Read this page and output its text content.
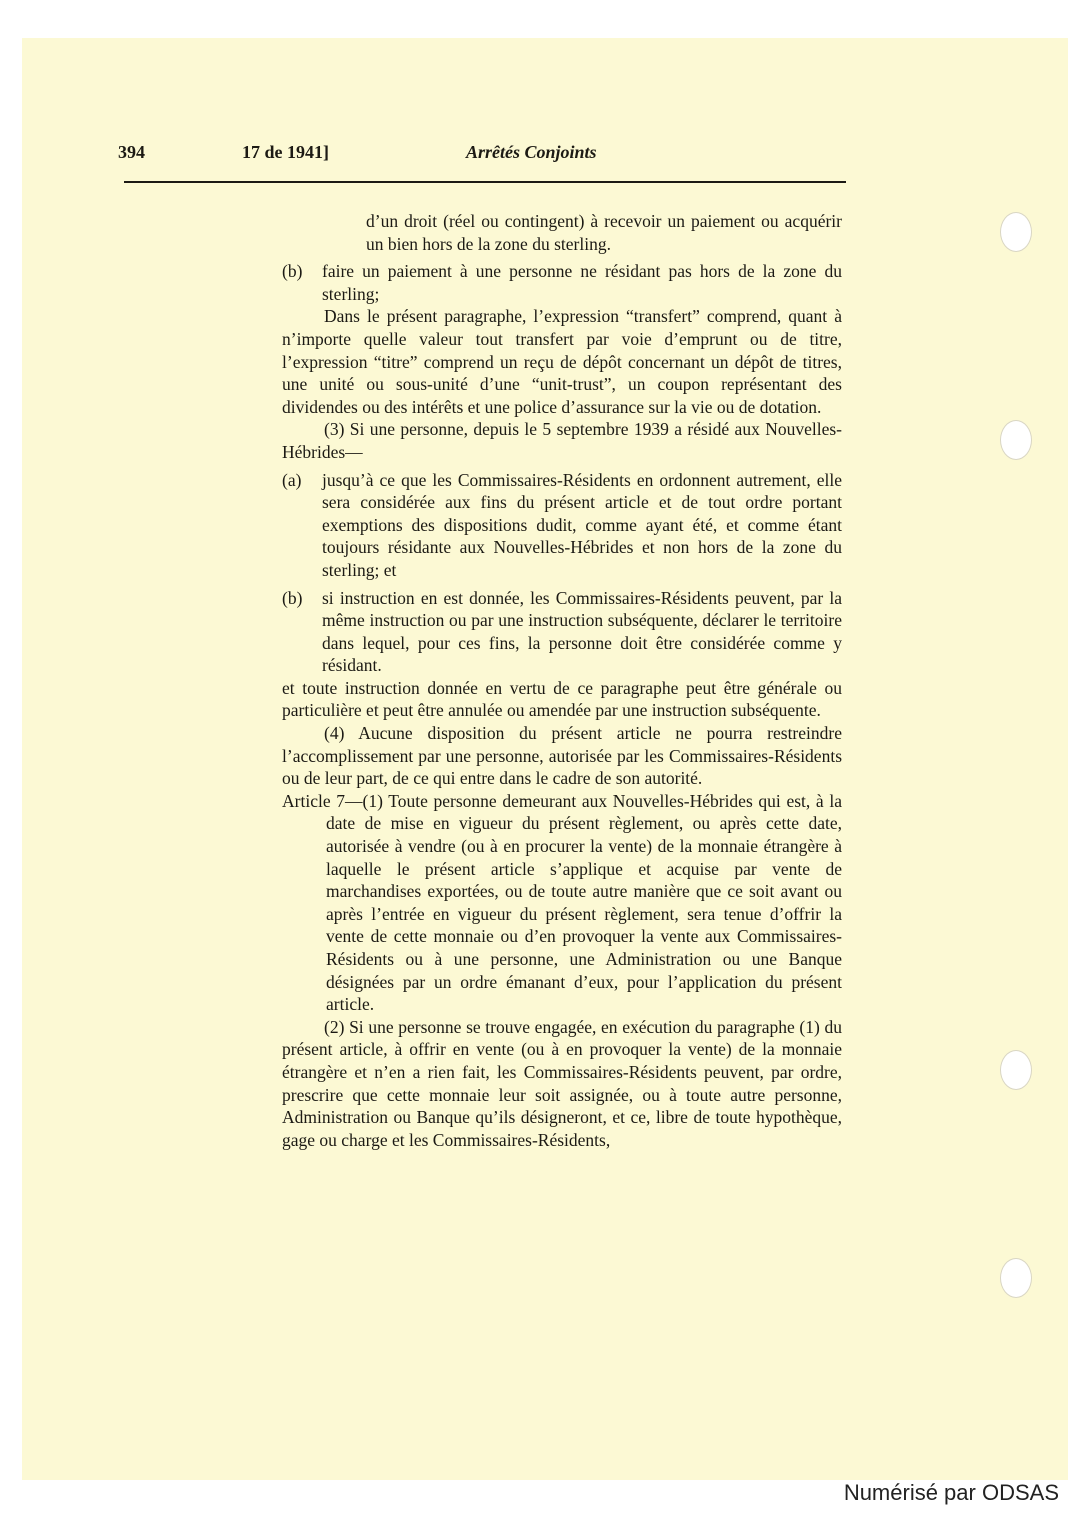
394	17 de 1941]	Arrêtés Conjoints

d’un droit (réel ou contingent) à recevoir un paiement ou acquérir un bien hors de la zone du sterling.

(b)	faire un paiement à une personne ne résidant pas hors de la zone du sterling;

Dans le présent paragraphe, l’expression “transfert” comprend, quant à n’importe quelle valeur tout transfert par voie d’emprunt ou de titre, l’expression “titre” comprend un reçu de dépôt concernant un dépôt de titres, une unité ou sous-unité d’une “unit-trust”, un coupon représentant des dividendes ou des intérêts et une police d’assurance sur la vie ou de dotation.

(3) Si une personne, depuis le 5 septembre 1939 a résidé aux Nouvelles-Hébrides—

(a)	jusqu’à ce que les Commissaires-Résidents en ordonnent autrement, elle sera considérée aux fins du présent article et de tout ordre portant exemptions des dispositions dudit, comme ayant été, et comme étant toujours résidante aux Nouvelles-Hébrides et non hors de la zone du sterling; et
(b)	si instruction en est donnée, les Commissaires-Résidents peuvent, par la même instruction ou par une instruction subséquente, déclarer le territoire dans lequel, pour ces fins, la personne doit être considérée comme y résidant.

et toute instruction donnée en vertu de ce paragraphe peut être générale ou particulière et peut être annulée ou amendée par une instruction subséquente.

(4) Aucune disposition du présent article ne pourra restreindre l’accomplissement par une personne, autorisée par les Commissaires-Résidents ou de leur part, de ce qui entre dans le cadre de son autorité.

Article 7—(1) Toute personne demeurant aux Nouvelles-Hébrides qui est, à la date de mise en vigueur du présent règlement, ou après cette date, autorisée à vendre (ou à en procurer la vente) de la monnaie étrangère à laquelle le présent article s’applique et acquise par vente de marchandises exportées, ou de toute autre manière que ce soit avant ou après l’entrée en vigueur du présent règlement, sera tenue d’offrir la vente de cette monnaie ou d’en provoquer la vente aux Commissaires-Résidents ou à une personne, une Administration ou une Banque désignées par un ordre émanant d’eux, pour l’application du présent article.

(2) Si une personne se trouve engagée, en exécution du paragraphe (1) du présent article, à offrir en vente (ou à en provoquer la vente) de la monnaie étrangère et n’en a rien fait, les Commissaires-Résidents peuvent, par ordre, prescrire que cette monnaie leur soit assignée, ou à toute autre personne, Administration ou Banque qu’ils désigneront, et ce, libre de toute hypothèque, gage ou charge et les Commissaires-Résidents,

Numérisé par ODSAS
